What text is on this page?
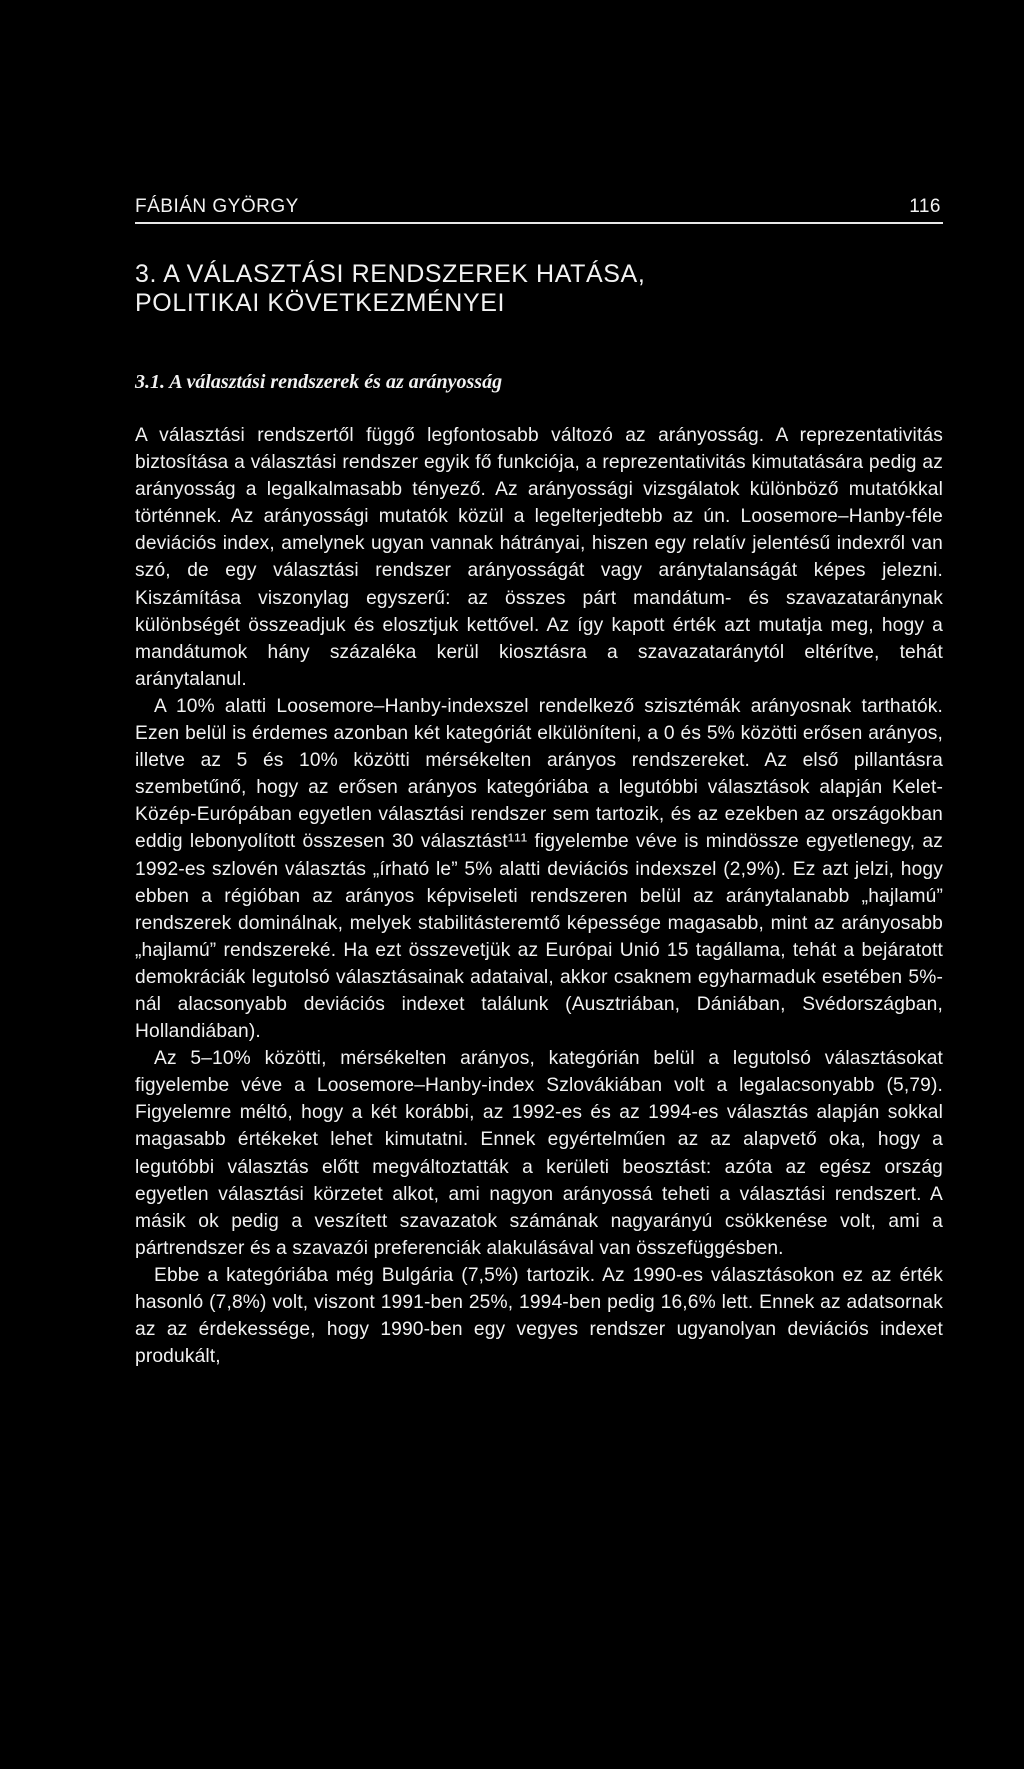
FÁBIÁN GYÖRGY	116
3. A VÁLASZTÁSI RENDSZEREK HATÁSA,
POLITIKAI KÖVETKEZMÉNYEI
3.1. A választási rendszerek és az arányosság

A választási rendszertől függő legfontosabb változó az arányosság. A reprezentativitás biztosítása a választási rendszer egyik fő funkciója, a reprezentativitás kimutatására pedig az arányosság a legalkalmasabb tényező. Az arányossági vizsgálatok különböző mutatókkal történnek. Az arányossági mutatók közül a legelterjedtebb az ún. Loosemore–Hanby-féle deviációs index, amelynek ugyan vannak hátrányai, hiszen egy relatív jelentésű indexről van szó, de egy választási rendszer arányosságát vagy aránytalanságát képes jelezni. Kiszámítása viszonylag egyszerű: az összes párt mandátum- és szavazataránynak különbségét összeadjuk és elosztjuk kettővel. Az így kapott érték azt mutatja meg, hogy a mandátumok hány százaléka kerül kiosztásra a szavazataránytól eltérítve, tehát aránytalanul.

A 10% alatti Loosemore–Hanby-indexszel rendelkező szisztémák arányosnak tarthatók. Ezen belül is érdemes azonban két kategóriát elkülöníteni, a 0 és 5% közötti erősen arányos, illetve az 5 és 10% közötti mérsékelten arányos rendszereket. Az első pillantásra szembetűnő, hogy az erősen arányos kategóriába a legutóbbi választások alapján Kelet-Közép-Európában egyetlen választási rendszer sem tartozik, és az ezekben az országokban eddig lebonyolított összesen 30 választást¹¹¹ figyelembe véve is mindössze egyetlenegy, az 1992-es szlovén választás „írható le” 5% alatti deviációs indexszel (2,9%). Ez azt jelzi, hogy ebben a régióban az arányos képviseleti rendszeren belül az aránytalanabb „hajlamú” rendszerek dominálnak, melyek stabilitásteremtő képessége magasabb, mint az arányosabb „hajlamú” rendszereké. Ha ezt összevetjük az Európai Unió 15 tagállama, tehát a bejáratott demokráciák legutolsó választásainak adataival, akkor csaknem egyharmaduk esetében 5%-nál alacsonyabb deviációs indexet találunk (Ausztriában, Dániában, Svédországban, Hollandiában).

Az 5–10% közötti, mérsékelten arányos, kategórián belül a legutolsó választásokat figyelembe véve a Loosemore–Hanby-index Szlovákiában volt a legalacsonyabb (5,79). Figyelemre méltó, hogy a két korábbi, az 1992-es és az 1994-es választás alapján sokkal magasabb értékeket lehet kimutatni. Ennek egyértelműen az az alapvető oka, hogy a legutóbbi választás előtt megváltoztatták a kerületi beosztást: azóta az egész ország egyetlen választási körzetet alkot, ami nagyon arányossá teheti a választási rendszert. A másik ok pedig a veszített szavazatok számának nagyarányú csökkenése volt, ami a pártrendszer és a szavazói preferenciák alakulásával van összefüggésben.

Ebbe a kategóriába még Bulgária (7,5%) tartozik. Az 1990-es választásokon ez az érték hasonló (7,8%) volt, viszont 1991-ben 25%, 1994-ben pedig 16,6% lett. Ennek az adatsornak az az érdekessége, hogy 1990-ben egy vegyes rendszer ugyanolyan deviációs indexet produkált,
